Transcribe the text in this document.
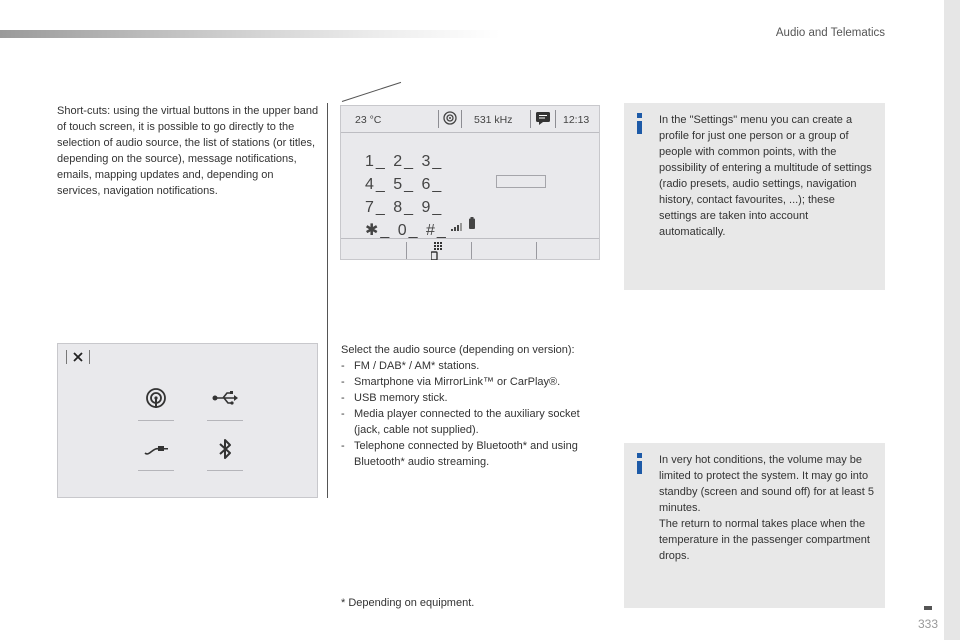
Audio and Telematics
Short-cuts: using the virtual buttons in the upper band of touch screen, it is possible to go directly to the selection of audio source, the list of stations (or titles, depending on the source), message notifications, emails, mapping updates and, depending on services, navigation notifications.
23 °C	531 kHz	12:13
1_ 2_ 3_
4_ 5_ 6_
7_ 8_ 9_
✱_ 0_ #_
Select the audio source (depending on version):
- FM / DAB* / AM* stations.
- Smartphone via MirrorLink™ or CarPlay®.
- USB memory stick.
- Media player connected to the auxiliary socket (jack, cable not supplied).
- Telephone connected by Bluetooth* and using Bluetooth* audio streaming.
* Depending on equipment.

In the "Settings" menu you can create a profile for just one person or a group of people with common points, with the possibility of entering a multitude of settings (radio presets, audio settings, navigation history, contact favourites, ...); these settings are taken into account automatically.

In very hot conditions, the volume may be limited to protect the system. It may go into standby (screen and sound off) for at least 5 minutes.
The return to normal takes place when the temperature in the passenger compartment drops.

333
